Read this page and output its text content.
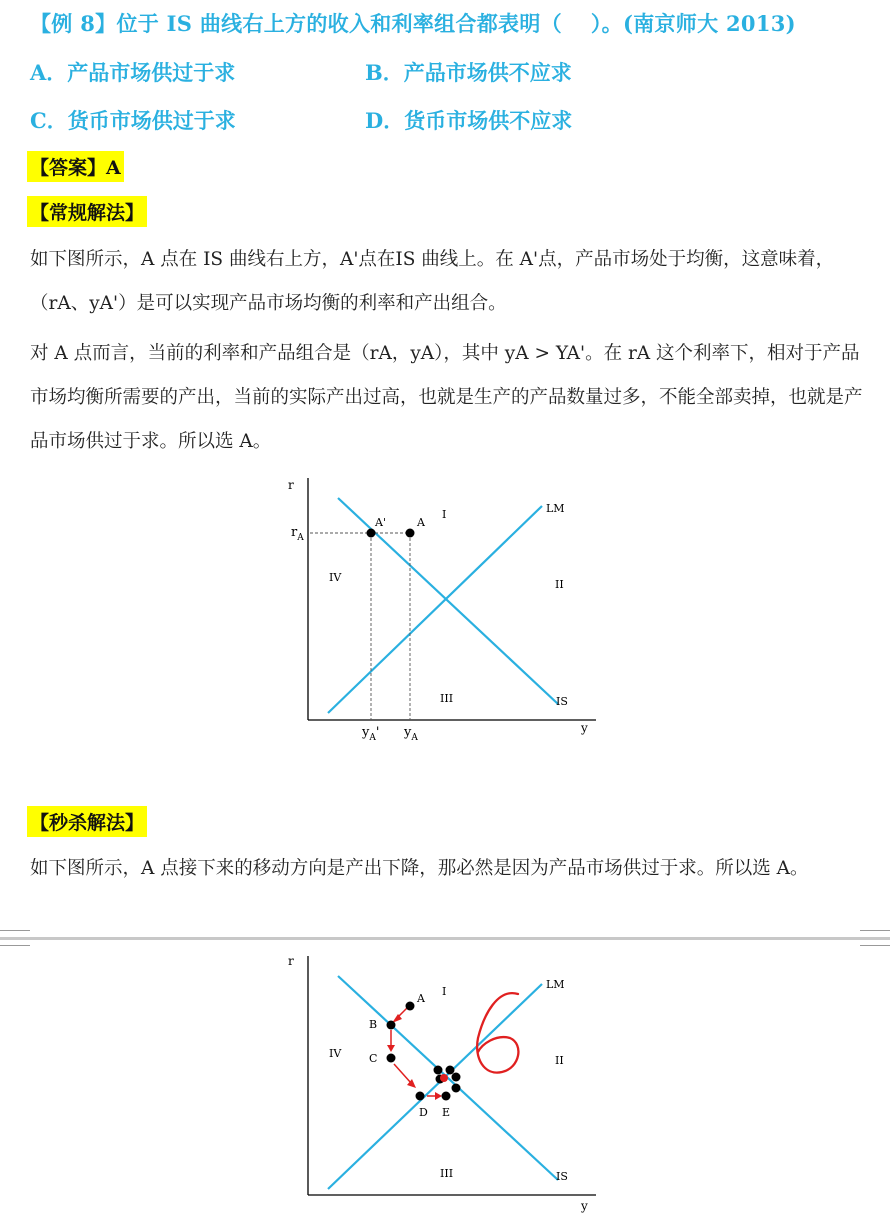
【例 8】位于 IS 曲线右上方的收入和利率组合都表明（　 ）。(南京师大 2013)
A．产品市场供过于求	B．产品市场供不应求
C．货币市场供过于求	D．货币市场供不应求
【答案】A
【常规解法】
如下图所示，A 点在 IS 曲线右上方，A'点在IS 曲线上。在 A'点，产品市场处于均衡，这意味着，（rA、yA'）是可以实现产品市场均衡的利率和产出组合。
对 A 点而言，当前的利率和产品组合是（rA，yA），其中 yA > YA'。在 rA 这个利率下，相对于产品市场均衡所需要的产出，当前的实际产出过高，也就是生产的产品数量过多，不能全部卖掉，也就是产品市场供过于求。所以选 A。
r
y
LM
IS
I
II
III
IV
A
A'
$r_A$
$y_A'$ $y_A$
【秒杀解法】
如下图所示，A 点接下来的移动方向是产出下降，那必然是因为产品市场供过于求。所以选 A。
r
y
LM
IS
I
II
III
IV
A
B
C
D E
